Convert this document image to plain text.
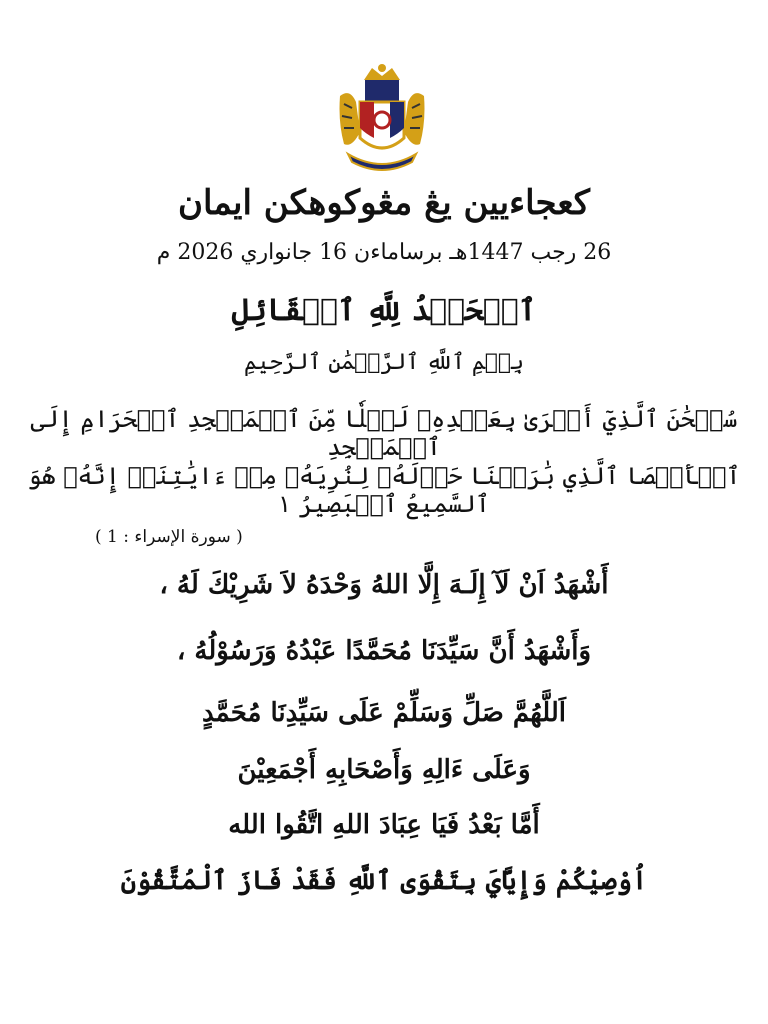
كعجاءيين يڠ مڠوكوهكن ايمان
26 رجب 1447هـ برساماءن 16 جانواري 2026 م
ٱلۡحَمۡدُ لِلَّهِ ٱلۡقَائِلِ
بِسۡمِ ٱللَّهِ ٱلرَّحۡمَٰنِ ٱلرَّحِيمِ
سُبۡحَٰنَ ٱلَّذِيٓ أَسۡرَىٰ بِعَبۡدِهِۦ لَيۡلٗا مِّنَ ٱلۡمَسۡجِدِ ٱلۡحَرَامِ إِلَى ٱلۡمَسۡجِدِ
ٱلۡأَقۡصَا ٱلَّذِي بَٰرَكۡنَا حَوۡلَهُۥ لِنُرِيَهُۥ مِنۡ ءَايَٰتِنَآۚ إِنَّهُۥ هُوَ ٱلسَّمِيعُ ٱلۡبَصِيرُ ١
( سورة الإسراء : 1 )
أَشْهَدُ اَنْ لَآ إِلَـهَ إِلَّا اللهُ وَحْدَهُ لاَ شَرِيْكَ لَهُ ،
وَأَشْهَدُ أَنَّ سَيِّدَنَا مُحَمَّدًا عَبْدُهُ وَرَسُوْلُهُ ،
اَللَّهُمَّ صَلِّ وَسَلِّمْ عَلَى سَيِّدِنَا مُحَمَّدٍ
وَعَلَى ءَالِهِ وَأَصْحَابِهِ أَجْمَعِيْنَ
أَمَّا بَعْدُ فَيَا عِبَادَ اللهِ اتَّقُوا الله
اُوْصِيْكُمْ وَإِيَّايَ بِتَقْوَى ٱللَّهِ فَقَدْ فَازَ ٱلْمُتَّقُوْنَ
